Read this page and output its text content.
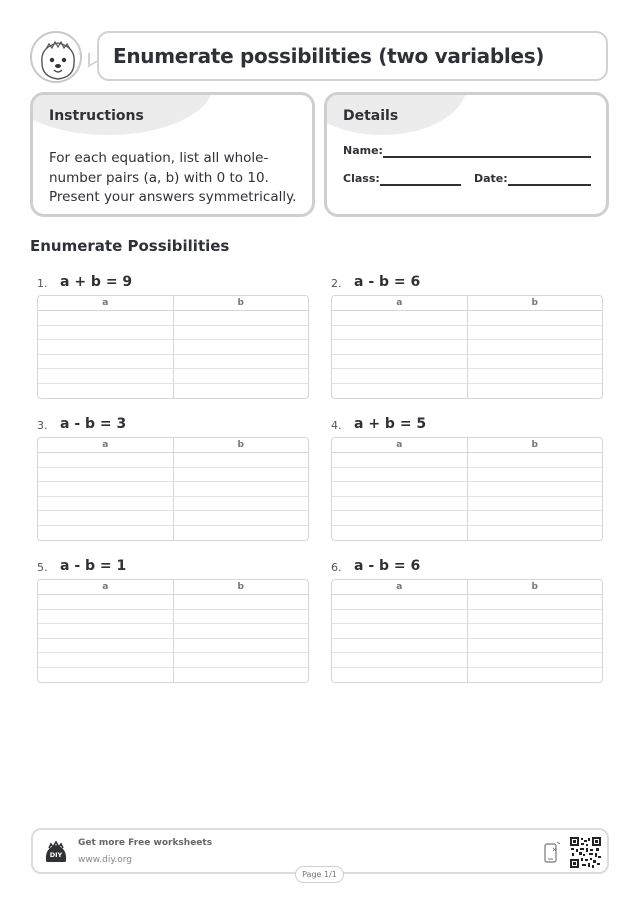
Enumerate possibilities (two variables)
Instructions

For each equation, list all whole-number pairs (a, b) with 0 to 10. Present your answers symmetrically.

Details
Name:
Class:	Date:
Enumerate Possibilities
1. a + b = 9
a	b
2. a - b = 6
a	b
3. a - b = 3
a	b
4. a + b = 5
a	b
5. a - b = 1
a	b
6. a - b = 6
a	b
DIY
Get more Free worksheets
www.diy.org
Page 1/1
